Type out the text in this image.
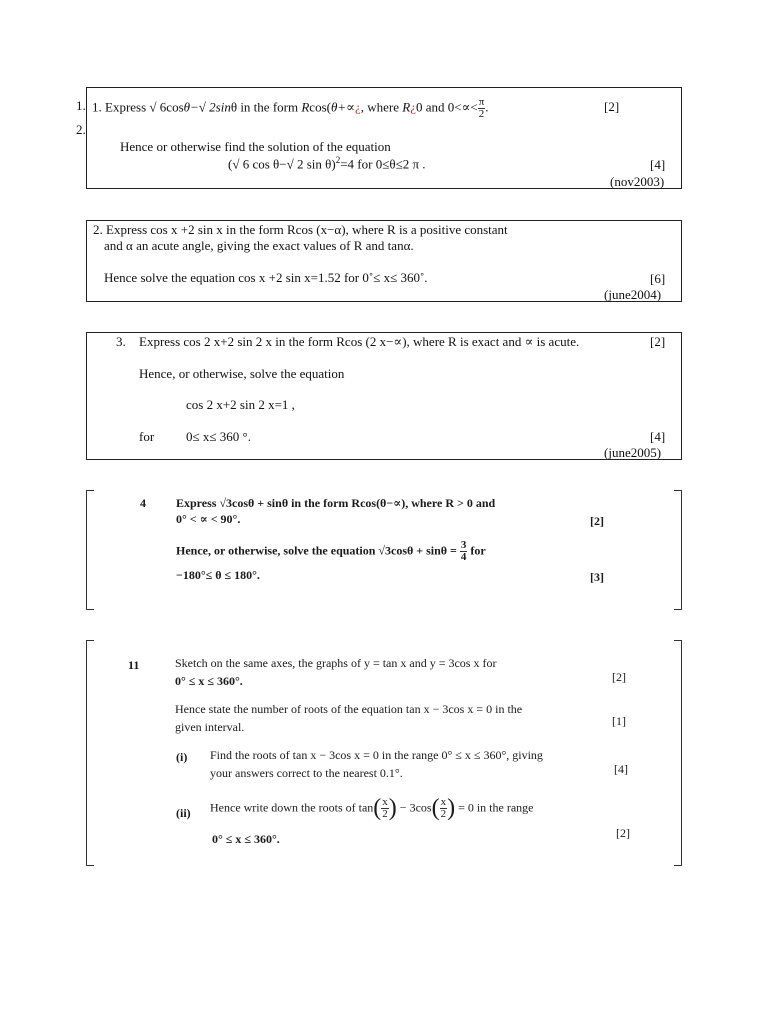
1.
2.
1. Express √ 6cosθ−√ 2sinθ in the form Rcos(θ+∝¿, where R¿0 and $0<\propto< \frac{\pi}{2}$ .	[2]
Hence or otherwise find the solution of the equation
(√ 6 cos θ−√ 2 sin θ)$^2$=4 for 0≤θ≤2 π .	[4]
(nov2003)
2. Express cos x +2 sin x in the form Rcos (x−α), where R is a positive constant
and α an acute angle, giving the exact values of R and tanα.
Hence solve the equation cos x +2 sin x=1.52 for 0˚≤ x≤ 360˚.	[6]
(june2004)
3. Express cos 2 x+2 sin 2 x in the form Rcos (2 x−∝), where R is exact and ∝ is acute.	[2]
Hence, or otherwise, solve the equation
cos 2 x+2 sin 2 x=1 ,
for 0≤ x≤ 360 °.	[4]
(june2005)
4	Express √3cosθ + sinθ in the form Rcos(θ−∝), where R > 0 and
0° < ∝ < 90°.	[2]
Hence, or otherwise, solve the equation $√3\cos\theta + \sin\theta = \frac{3}{4}$ for
−180°≤ θ ≤ 180°.	[3]
11	Sketch on the same axes, the graphs of y = tan x and y = 3cos x for
0° ≤ x ≤ 360°.	[2]
Hence state the number of roots of the equation tan x − 3cos x = 0 in the
given interval.	[1]
(i) Find the roots of tan x − 3cos x = 0 in the range 0° ≤ x ≤ 360°, giving
your answers correct to the nearest 0.1°.	[4]
(ii) Hence write down the roots of $\tan( \frac{x}{2}$ ) − $3\cos( \frac{x}{2}$ ) = 0 in the range
0° ≤ x ≤ 360°.	[2]
